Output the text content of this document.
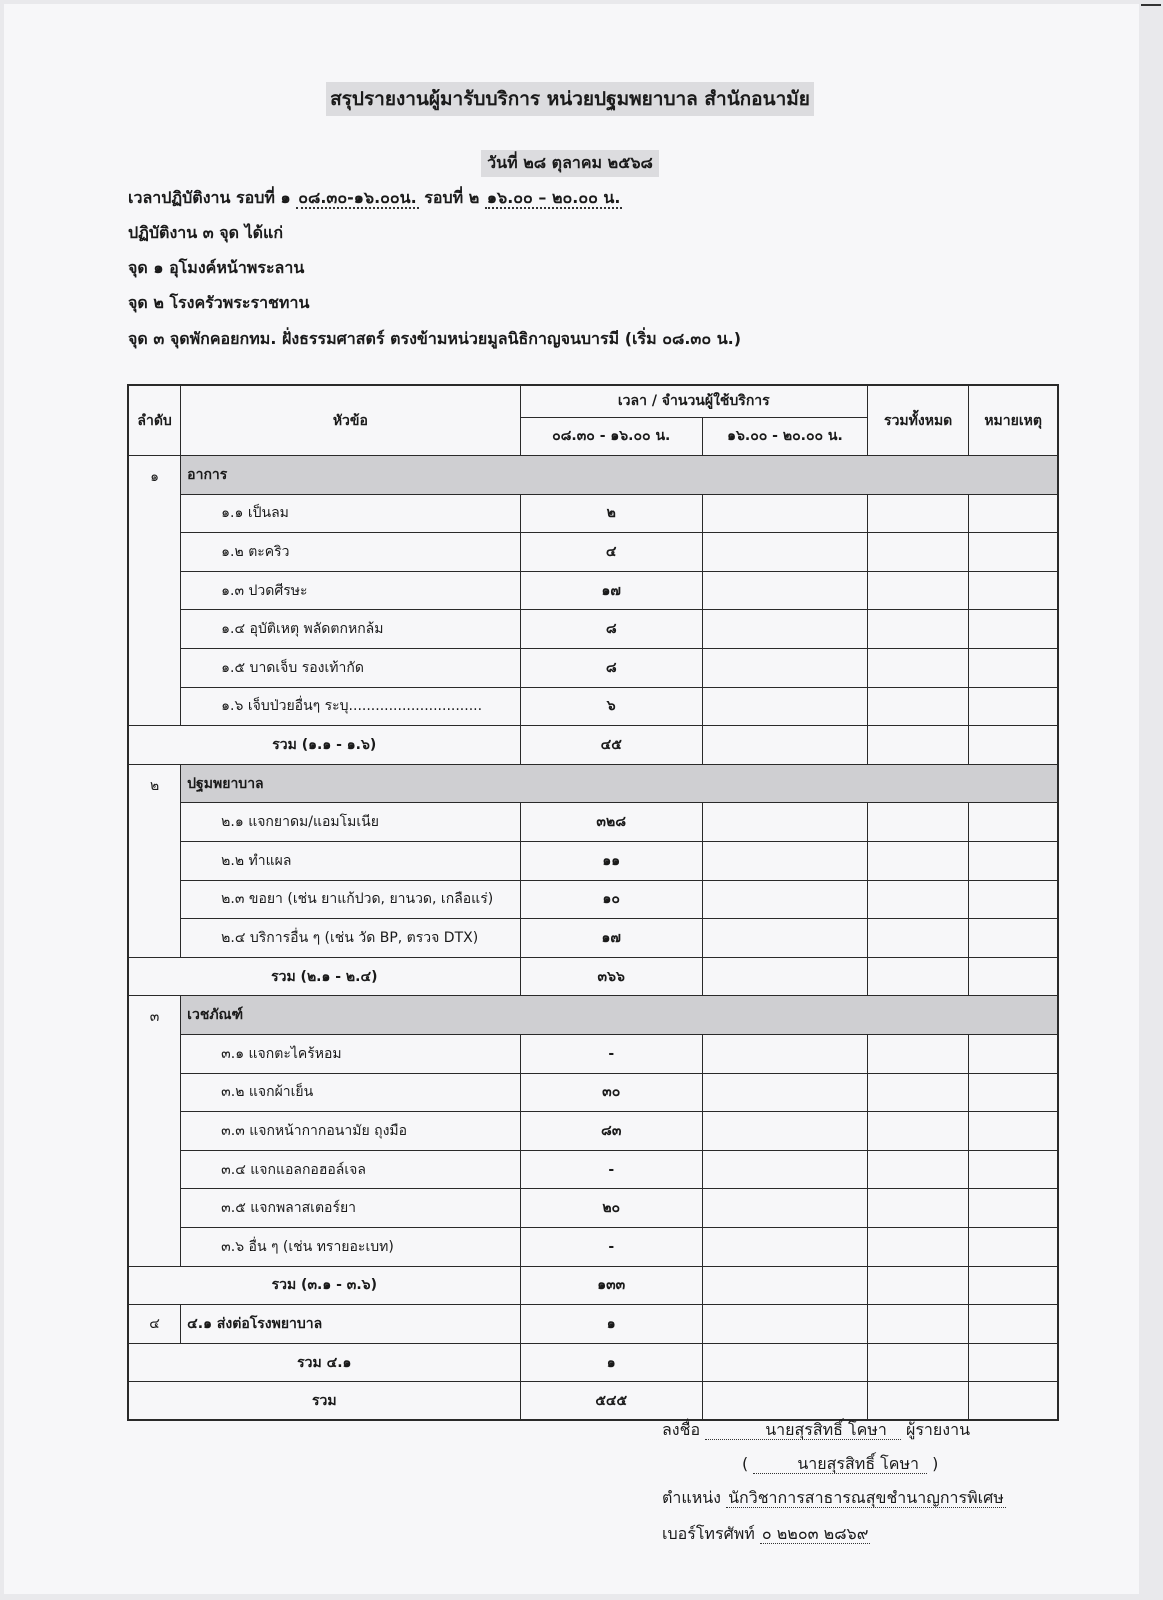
สรุปรายงานผู้มารับบริการ หน่วยปฐมพยาบาล สำนักอนามัย
วันที่ ๒๘ ตุลาคม ๒๕๖๘
เวลาปฏิบัติงาน รอบที่ ๑ ๐๘.๓๐-๑๖.๐๐น. รอบที่ ๒ ๑๖.๐๐ – ๒๐.๐๐ น.
ปฏิบัติงาน ๓ จุด ได้แก่
จุด ๑ อุโมงค์หน้าพระลาน
จุด ๒ โรงครัวพระราชทาน
จุด ๓ จุดพักคอยกทม. ฝั่งธรรมศาสตร์ ตรงข้ามหน่วยมูลนิธิกาญจนบารมี (เริ่ม ๐๘.๓๐ น.)
ลำดับ	หัวข้อ	เวลา / จำนวนผู้ใช้บริการ		รวมทั้งหมด	หมายเหตุ
		๐๘.๓๐ - ๑๖.๐๐ น.	๑๖.๐๐ - ๒๐.๐๐ น.		
๑	อาการ				
	๑.๑ เป็นลม	๒			
	๑.๒ ตะคริว	๔			
	๑.๓ ปวดศีรษะ	๑๗			
	๑.๔ อุบัติเหตุ พลัดตกหกล้ม	๘			
	๑.๕ บาดเจ็บ รองเท้ากัด	๘			
	๑.๖ เจ็บป่วยอื่นๆ ระบุ..............................	๖			
รวม (๑.๑ - ๑.๖)		๔๕			
๒	ปฐมพยาบาล				
	๒.๑ แจกยาดม/แอมโมเนีย	๓๒๘			
	๒.๒ ทำแผล	๑๑			
	๒.๓ ขอยา (เช่น ยาแก้ปวด, ยานวด, เกลือแร่)	๑๐			
	๒.๔ บริการอื่น ๆ (เช่น วัด BP, ตรวจ DTX)	๑๗			
รวม (๒.๑ - ๒.๔)		๓๖๖			
๓	เวชภัณฑ์				
	๓.๑ แจกตะไคร้หอม	-			
	๓.๒ แจกผ้าเย็น	๓๐			
	๓.๓ แจกหน้ากากอนามัย ถุงมือ	๘๓			
	๓.๔ แจกแอลกอฮอล์เจล	-			
	๓.๕ แจกพลาสเตอร์ยา	๒๐			
	๓.๖ อื่น ๆ (เช่น ทรายอะเบท)	-			
รวม (๓.๑ - ๓.๖)		๑๓๓			
๔	๔.๑ ส่งต่อโรงพยาบาล	๑			
รวม ๔.๑		๑			
รวม		๕๔๕			
ลงชื่อ	นายสุรสิทธิ์ โคษา ผู้รายงาน
(	นายสุรสิทธิ์ โคษา )
ตำแหน่ง นักวิชาการสาธารณสุขชำนาญการพิเศษ
เบอร์โทรศัพท์ ๐ ๒๒๐๓ ๒๘๖๙
